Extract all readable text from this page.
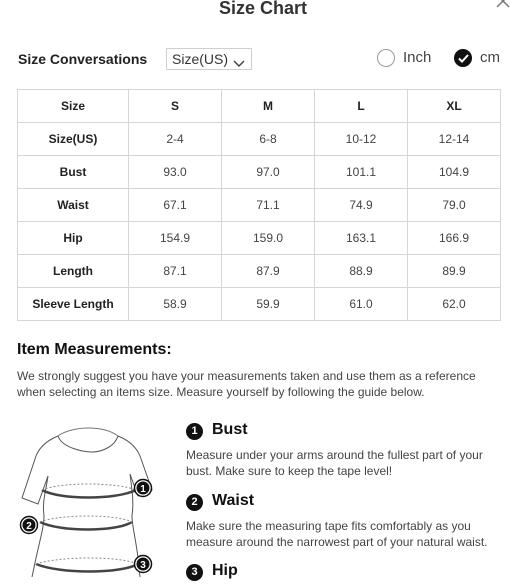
Size Chart
Size Conversations	Size(US)	Inch	cm
Size	S	M	L	XL
Size(US)	2-4	6-8	10-12	12-14
Bust	93.0	97.0	101.1	104.9
Waist	67.1	71.1	74.9	79.0
Hip	154.9	159.0	163.1	166.9
Length	87.1	87.9	88.9	89.9
Sleeve Length	58.9	59.9	61.0	62.0
Item Measurements:
We strongly suggest you have your measurements taken and use them as a reference when selecting an items size. Measure yourself by following the guide below.
1
2
3
1 Bust
Measure under your arms around the fullest part of your bust. Make sure to keep the tape level!
2 Waist
Make sure the measuring tape fits comfortably as you measure around the narrowest part of your natural waist.
3 Hip
